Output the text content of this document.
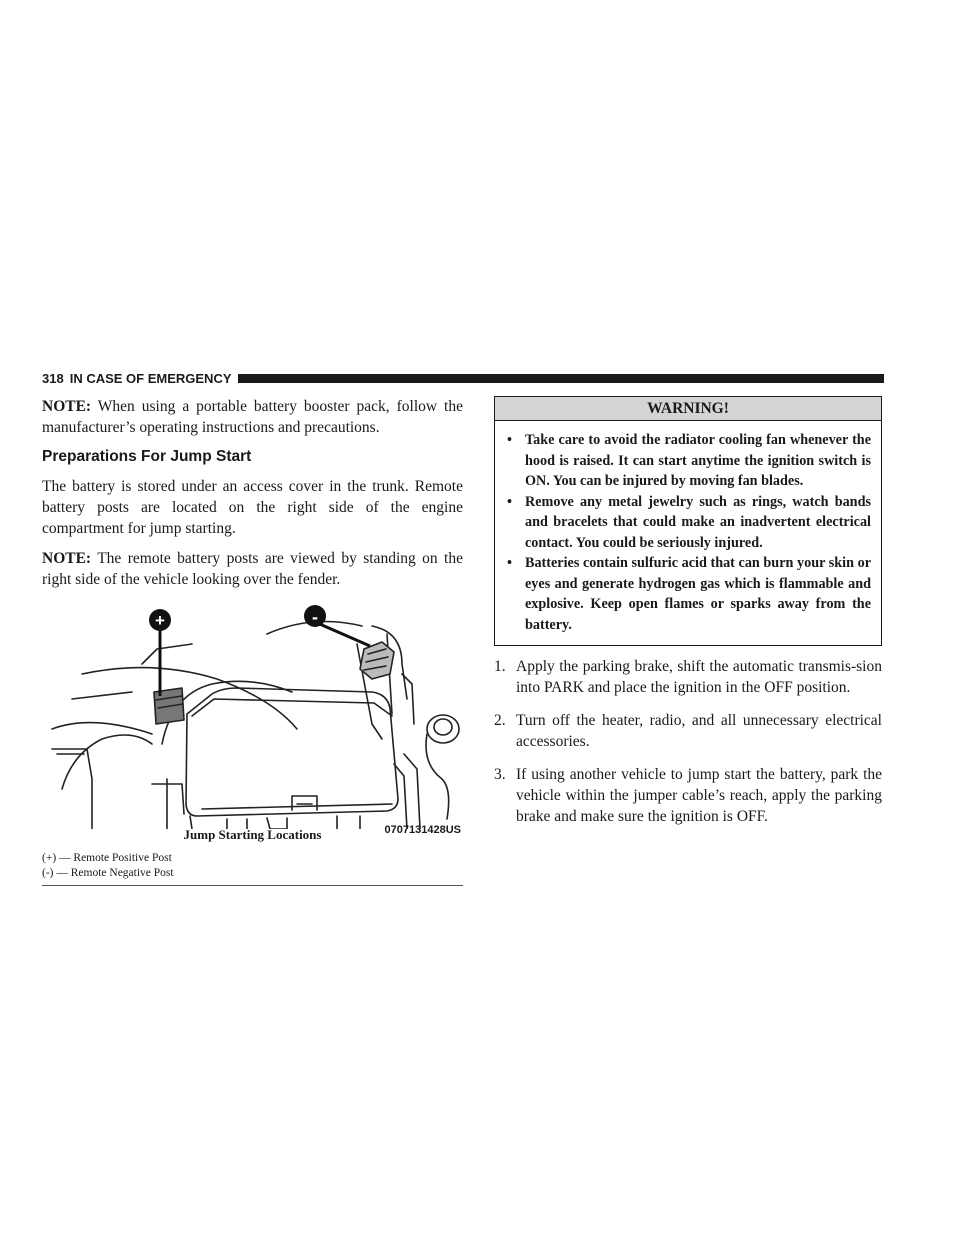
318 IN CASE OF EMERGENCY

NOTE: When using a portable battery booster pack, follow the manufacturer’s operating instructions and precautions.

Preparations For Jump Start

The battery is stored under an access cover in the trunk. Remote battery posts are located on the right side of the engine compartment for jump starting.

NOTE: The remote battery posts are viewed by standing on the right side of the vehicle looking over the fender.

+	-
0707131428US
Jump Starting Locations
(+) — Remote Positive Post
(-) — Remote Negative Post
WARNING!
• Take care to avoid the radiator cooling fan whenever the hood is raised. It can start anytime the ignition switch is ON. You can be injured by moving fan blades.
• Remove any metal jewelry such as rings, watch bands and bracelets that could make an inadvertent electrical contact. You could be seriously injured.
• Batteries contain sulfuric acid that can burn your skin or eyes and generate hydrogen gas which is flammable and explosive. Keep open flames or sparks away from the battery.
1. Apply the parking brake, shift the automatic transmis-sion into PARK and place the ignition in the OFF position.
2. Turn off the heater, radio, and all unnecessary electrical accessories.
3. If using another vehicle to jump start the battery, park the vehicle within the jumper cable’s reach, apply the parking brake and make sure the ignition is OFF.
